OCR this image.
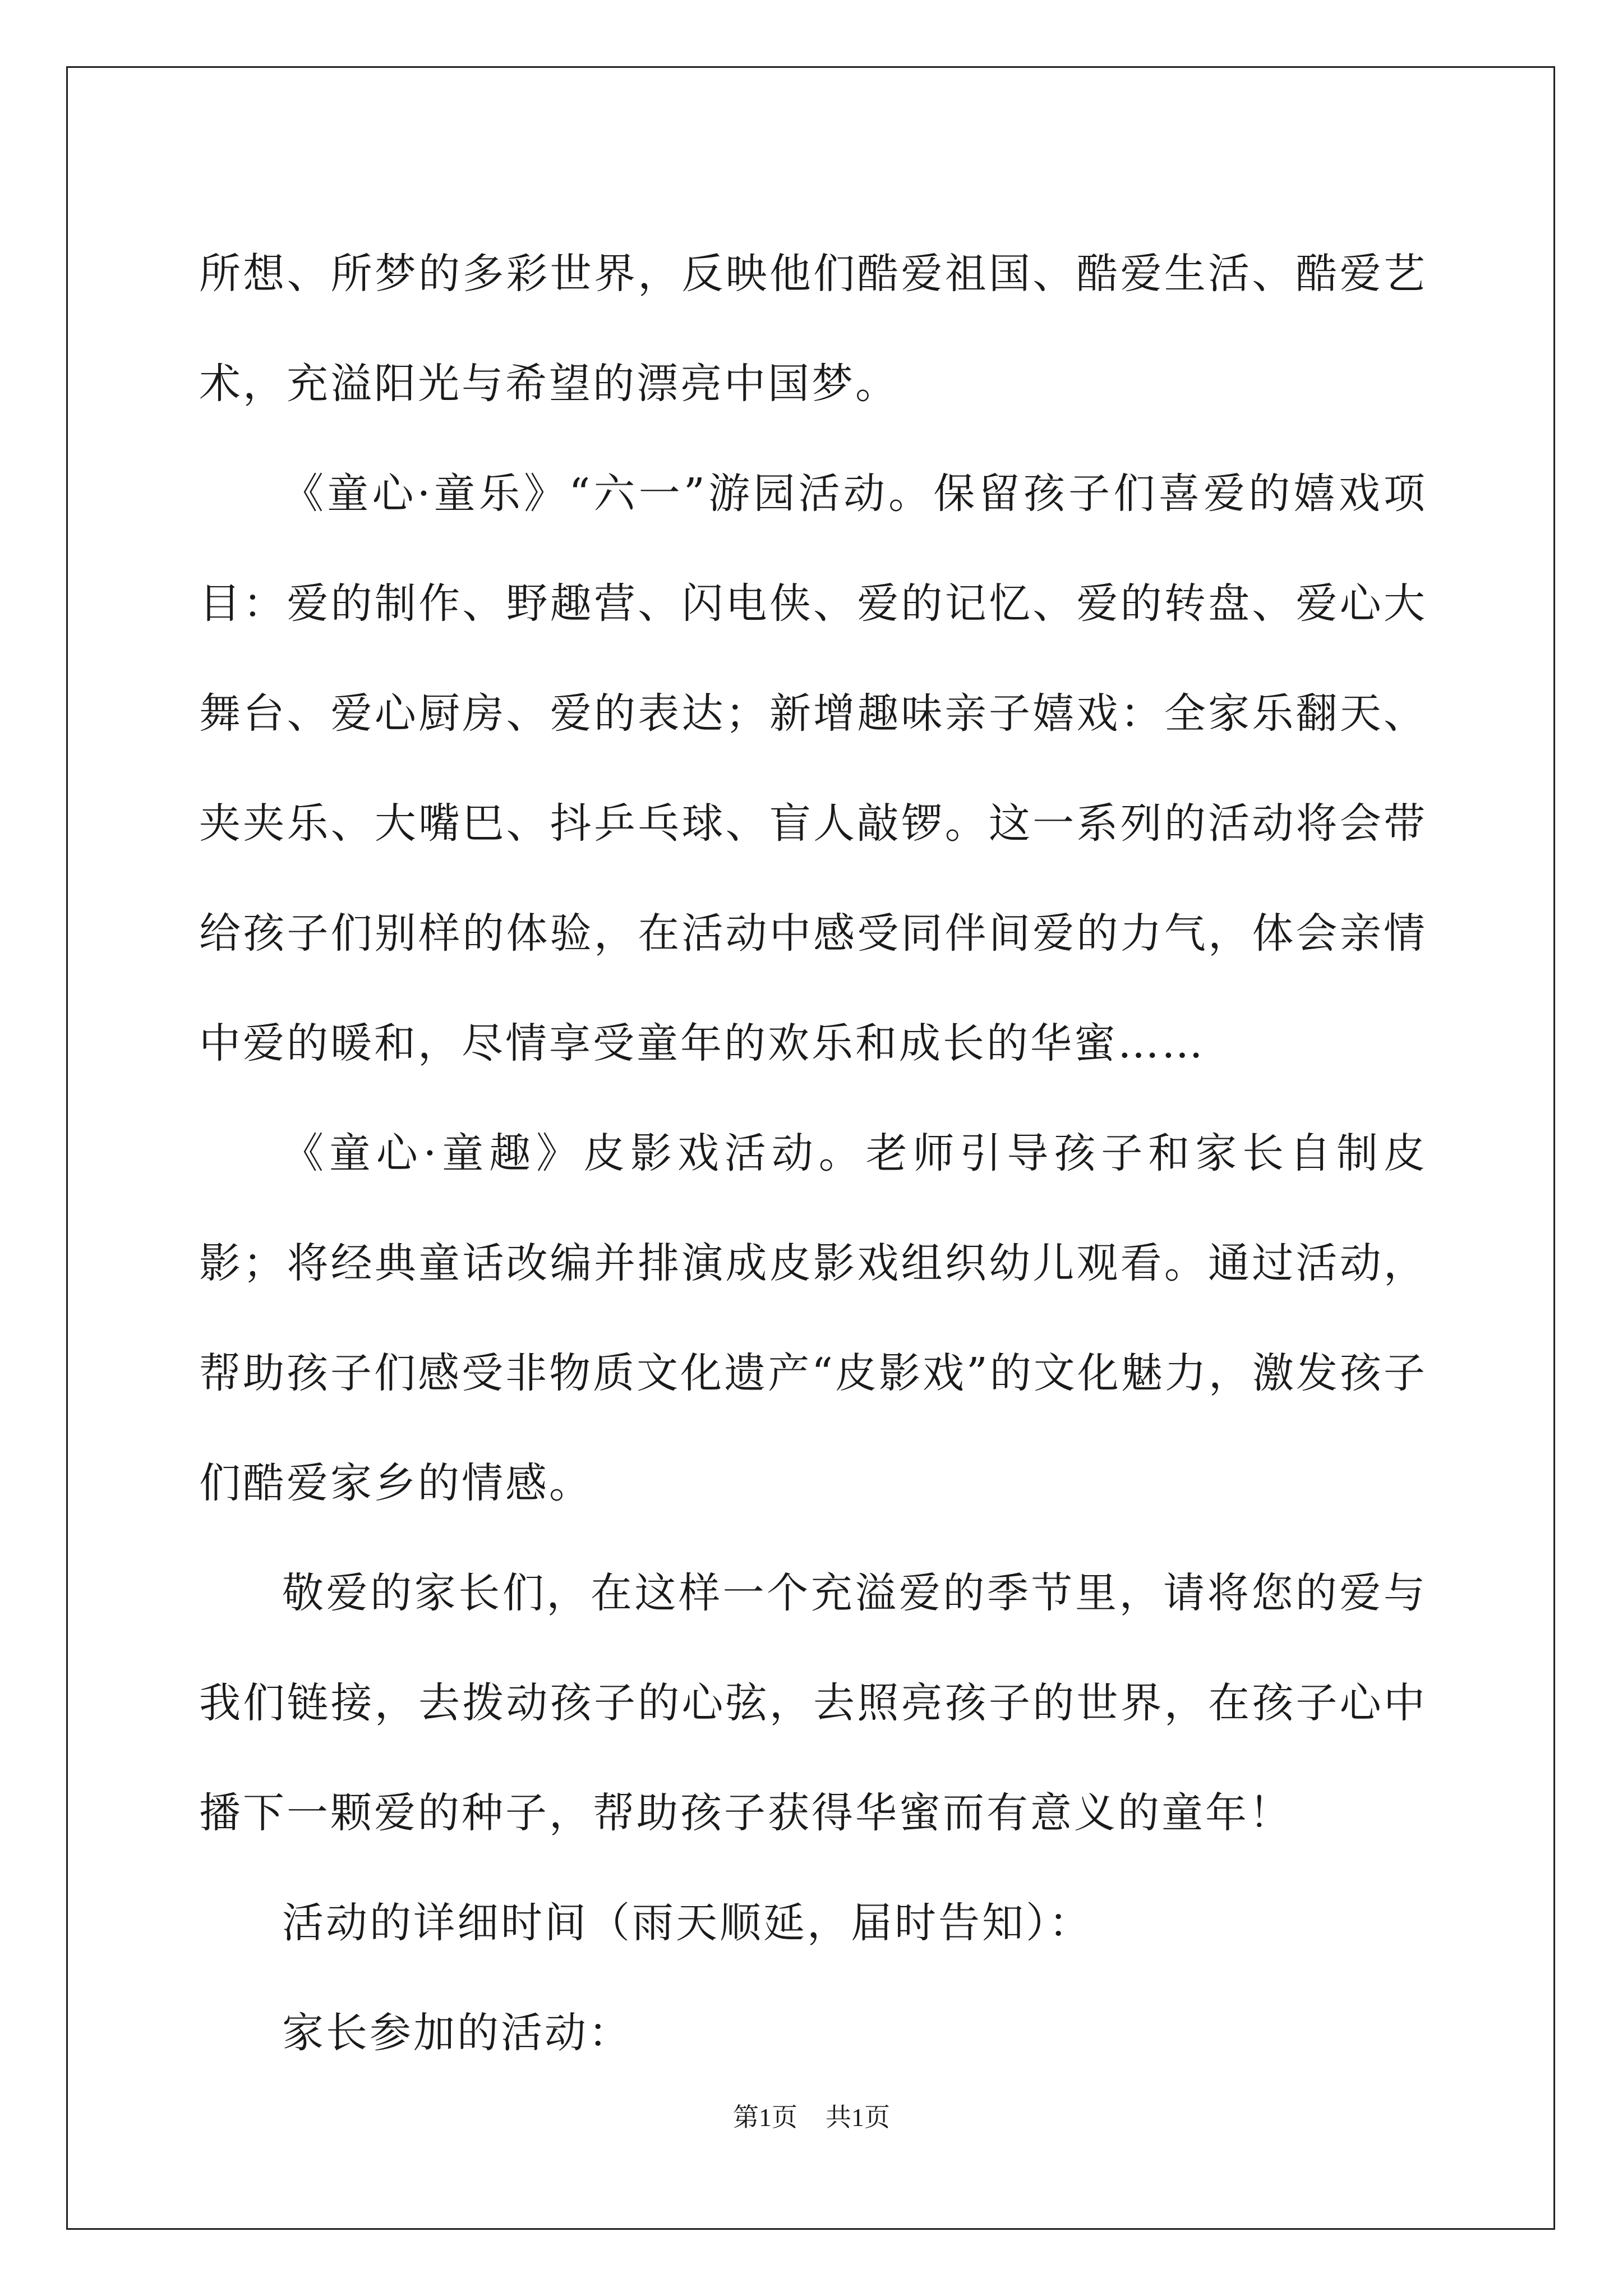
所想、所梦的多彩世界，反映他们酷爱祖国、酷爱生活、酷爱艺术，充溢阳光与希望的漂亮中国梦。

《童心·童乐》“六一”游园活动。保留孩子们喜爱的嬉戏项目：爱的制作、野趣营、闪电侠、爱的记忆、爱的转盘、爱心大舞台、爱心厨房、爱的表达；新增趣味亲子嬉戏：全家乐翻天、夹夹乐、大嘴巴、抖乒乓球、盲人敲锣。这一系列的活动将会带给孩子们别样的体验，在活动中感受同伴间爱的力气，体会亲情中爱的暖和，尽情享受童年的欢乐和成长的华蜜……

《童心·童趣》皮影戏活动。老师引导孩子和家长自制皮影；将经典童话改编并排演成皮影戏组织幼儿观看。通过活动，帮助孩子们感受非物质文化遗产“皮影戏”的文化魅力，激发孩子们酷爱家乡的情感。

敬爱的家长们，在这样一个充溢爱的季节里，请将您的爱与我们链接，去拨动孩子的心弦，去照亮孩子的世界，在孩子心中播下一颗爱的种子，帮助孩子获得华蜜而有意义的童年！

活动的详细时间（雨天顺延，届时告知）：

家长参加的活动：

第1页 共1页
